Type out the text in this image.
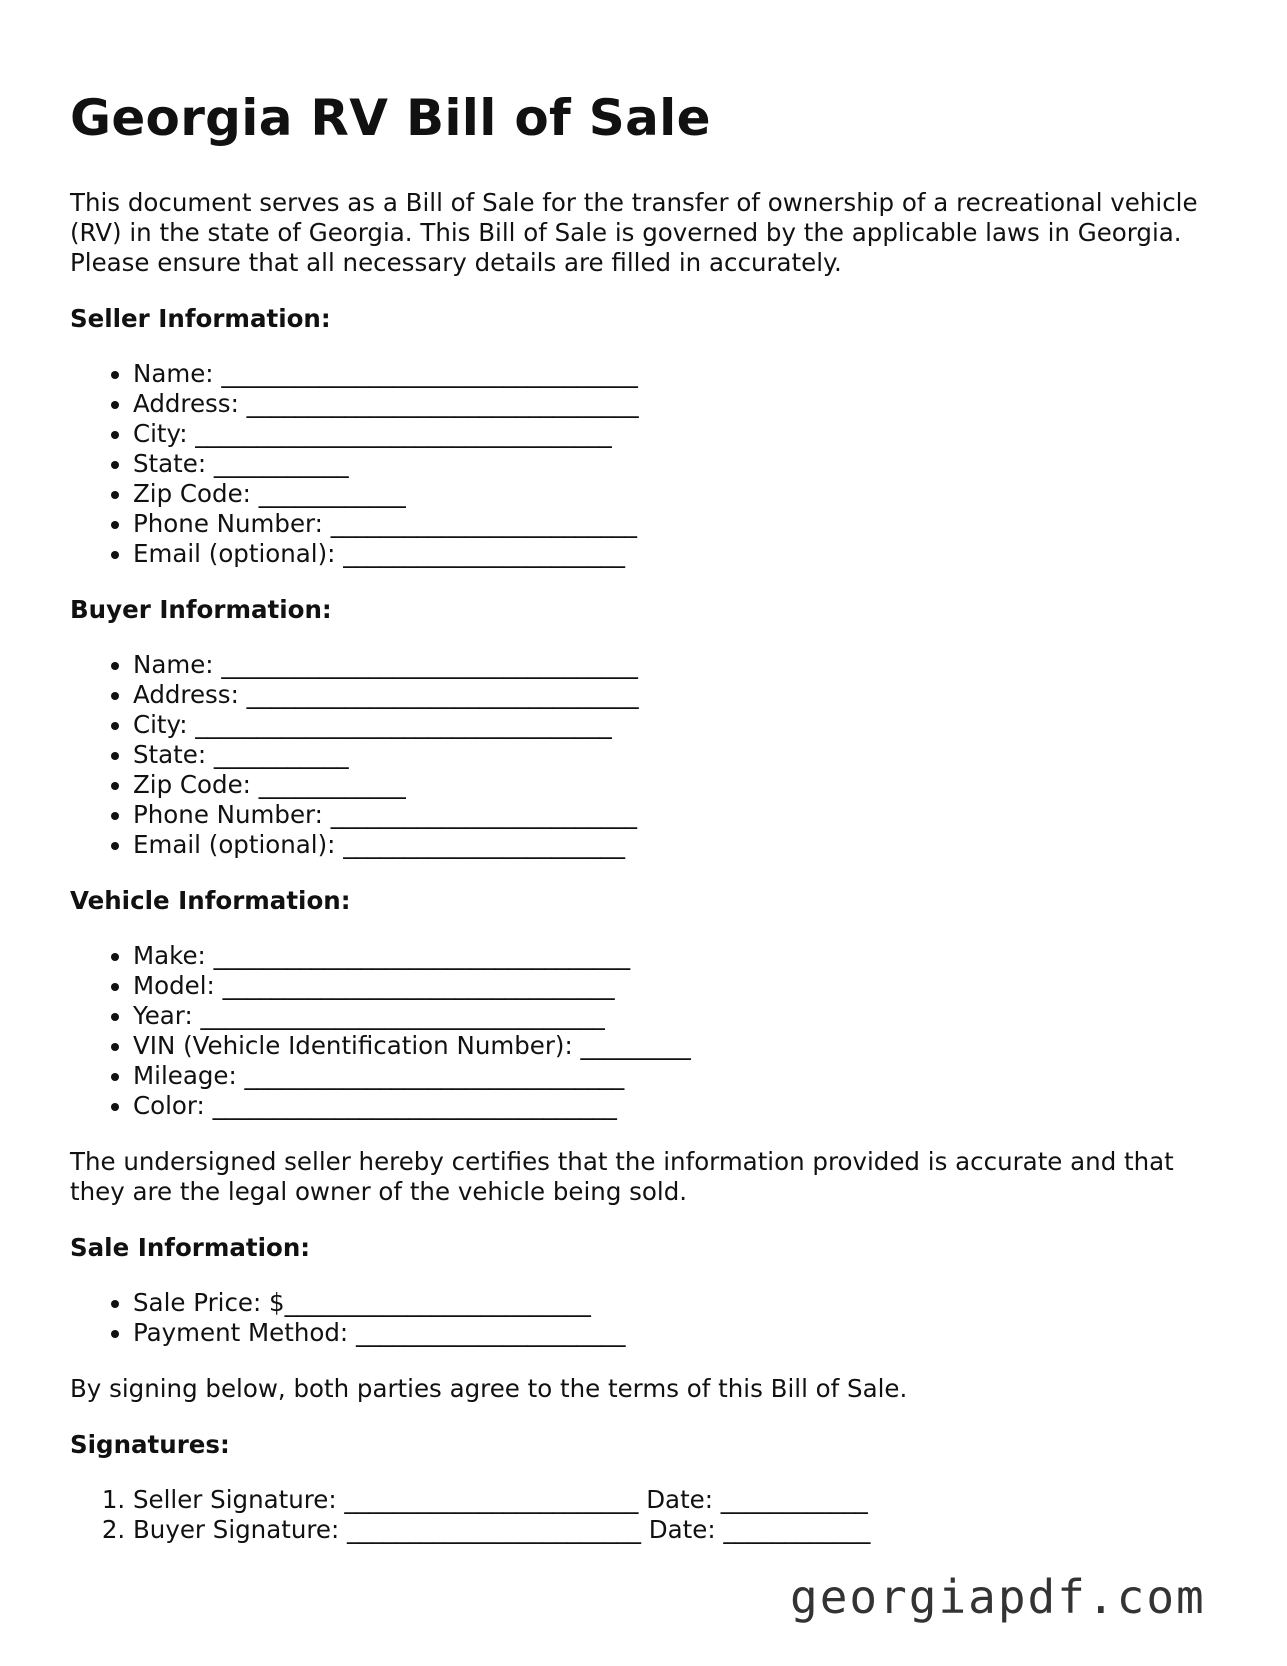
Georgia RV Bill of Sale

This document serves as a Bill of Sale for the transfer of ownership of a recreational vehicle (RV) in the state of Georgia. This Bill of Sale is governed by the applicable laws in Georgia. Please ensure that all necessary details are filled in accurately.

Seller Information:
• Name: __________________________________
• Address: ________________________________
• City: __________________________________
• State: ___________
• Zip Code: ____________
• Phone Number: _________________________
• Email (optional): _______________________
Buyer Information:
• Name: __________________________________
• Address: ________________________________
• City: __________________________________
• State: ___________
• Zip Code: ____________
• Phone Number: _________________________
• Email (optional): _______________________
Vehicle Information:
• Make: __________________________________
• Model: ________________________________
• Year: _________________________________
• VIN (Vehicle Identification Number): _________
• Mileage: _______________________________
• Color: _________________________________

The undersigned seller hereby certifies that the information provided is accurate and that they are the legal owner of the vehicle being sold.

Sale Information:
• Sale Price: $_________________________
• Payment Method: ______________________

By signing below, both parties agree to the terms of this Bill of Sale.

Signatures:
1. Seller Signature: ________________________ Date: ____________
2. Buyer Signature: ________________________ Date: ____________
georgiapdf.com
